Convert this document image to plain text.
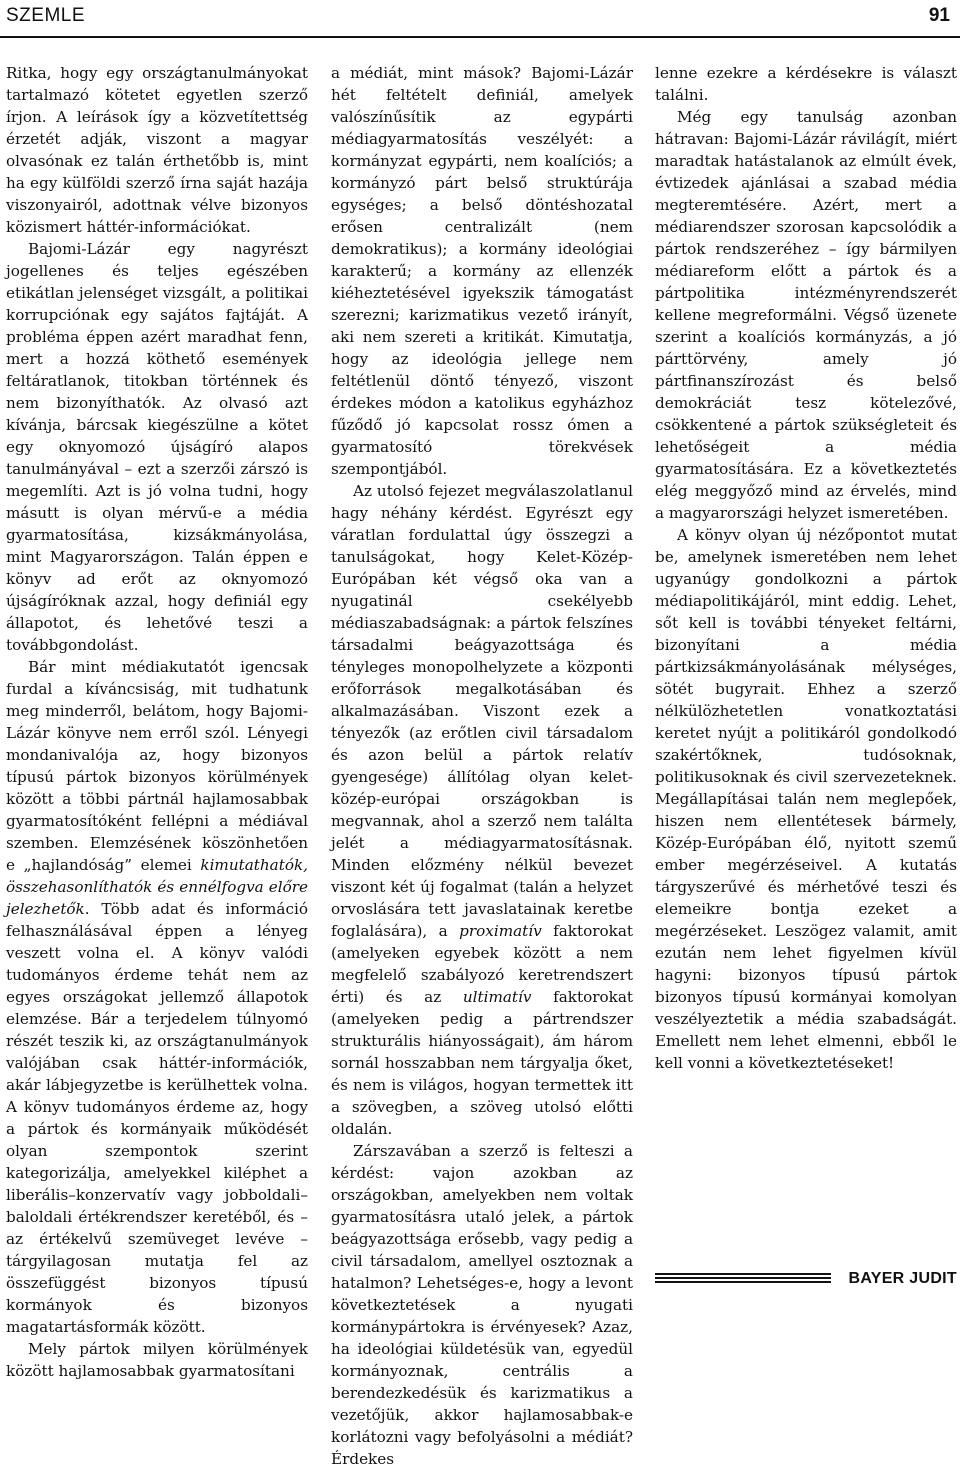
SZEMLE	91

Ritka, hogy egy országtanulmányokat tartalmazó kötetet egyetlen szerző írjon. A leírások így a közvetítettség érzetét adják, viszont a magyar olvasónak ez talán érthetőbb is, mint ha egy külföldi szerző írna saját hazája viszonyairól, adottnak vélve bizonyos közismert háttér-információkat.

Bajomi-Lázár egy nagyrészt jogellenes és teljes egészében etikátlan jelenséget vizsgált, a politikai korrupciónak egy sajátos fajtáját. A probléma éppen azért maradhat fenn, mert a hozzá köthető események feltáratlanok, titokban történnek és nem bizonyíthatók. Az olvasó azt kívánja, bárcsak kiegészülne a kötet egy oknyomozó újságíró alapos tanulmányával – ezt a szerzői zárszó is megemlíti. Azt is jó volna tudni, hogy másutt is olyan mérvű-e a média gyarmatosítása, kizsákmányolása, mint Magyarországon. Talán éppen e könyv ad erőt az oknyomozó újságíróknak azzal, hogy definiál egy állapotot, és lehetővé teszi a továbbgondolást.

Bár mint médiakutatót igencsak furdal a kíváncsiság, mit tudhatunk meg minderről, belátom, hogy Bajomi-Lázár könyve nem erről szól. Lényegi mondanivalója az, hogy bizonyos típusú pártok bizonyos körülmények között a többi pártnál hajlamosabbak gyarmatosítóként fellépni a médiával szemben. Elemzésének köszönhetően e „hajlandóság” elemei kimutathatók, összehasonlíthatók és ennélfogva előre jelezhetők. Több adat és információ felhasználásával éppen a lényeg veszett volna el. A könyv valódi tudományos érdeme tehát nem az egyes országokat jellemző állapotok elemzése. Bár a terjedelem túlnyomó részét teszik ki, az országtanulmányok valójában csak háttér-információk, akár lábjegyzetbe is kerülhettek volna. A könyv tudományos érdeme az, hogy a pártok és kormányaik működését olyan szempontok szerint kategorizálja, amelyekkel kiléphet a liberális–konzervatív vagy jobboldali–baloldali értékrendszer keretéből, és – az értékelvű szemüveget levéve – tárgyilagosan mutatja fel az összefüggést bizonyos típusú kormányok és bizonyos magatartásformák között.

Mely pártok milyen körülmények között hajlamosabbak gyarmatosítani

a médiát, mint mások? Bajomi-Lázár hét feltételt definiál, amelyek valószínűsítik az egypárti médiagyarmatosítás veszélyét: a kormányzat egypárti, nem koalíciós; a kormányzó párt belső struktúrája egységes; a belső döntéshozatal erősen centralizált (nem demokratikus); a kormány ideológiai karakterű; a kormány az ellenzék kiéheztetésével igyekszik támogatást szerezni; karizmatikus vezető irányít, aki nem szereti a kritikát. Kimutatja, hogy az ideológia jellege nem feltétlenül döntő tényező, viszont érdekes módon a katolikus egyházhoz fűződő jó kapcsolat rossz ómen a gyarmatosító törekvések szempontjából.

Az utolsó fejezet megválaszolatlanul hagy néhány kérdést. Egyrészt egy váratlan fordulattal úgy összegzi a tanulságokat, hogy Kelet-Közép-Európában két végső oka van a nyugatinál csekélyebb médiaszabadságnak: a pártok felszínes társadalmi beágyazottsága és tényleges monopolhelyzete a központi erőforrások megalkotásában és alkalmazásában. Viszont ezek a tényezők (az erőtlen civil társadalom és azon belül a pártok relatív gyengesége) állítólag olyan kelet-közép-európai országokban is megvannak, ahol a szerző nem találta jelét a médiagyarmatosításnak. Minden előzmény nélkül bevezet viszont két új fogalmat (talán a helyzet orvoslására tett javaslatainak keretbe foglalására), a proximatív faktorokat (amelyeken egyebek között a nem megfelelő szabályozó keretrendszert érti) és az ultimatív faktorokat (amelyeken pedig a pártrendszer strukturális hiányosságait), ám három sornál hosszabban nem tárgyalja őket, és nem is világos, hogyan termettek itt a szövegben, a szöveg utolsó előtti oldalán.

Zárszavában a szerző is felteszi a kérdést: vajon azokban az országokban, amelyekben nem voltak gyarmatosításra utaló jelek, a pártok beágyazottsága erősebb, vagy pedig a civil társadalom, amellyel osztoznak a hatalmon? Lehetséges-e, hogy a levont következtetések a nyugati kormánypártokra is érvényesek? Azaz, ha ideológiai küldetésük van, egyedül kormányoznak, centrális a berendezkedésük és karizmatikus a vezetőjük, akkor hajlamosabbak-e korlátozni vagy befolyásolni a médiát? Érdekes

lenne ezekre a kérdésekre is választ találni.

Még egy tanulság azonban hátravan: Bajomi-Lázár rávilágít, miért maradtak hatástalanok az elmúlt évek, évtizedek ajánlásai a szabad média megteremtésére. Azért, mert a médiarendszer szorosan kapcsolódik a pártok rendszeréhez – így bármilyen médiareform előtt a pártok és a pártpolitika intézményrendszerét kellene megreformálni. Végső üzenete szerint a koalíciós kormányzás, a jó párttörvény, amely jó pártfinanszírozást és belső demokráciát tesz kötelezővé, csökkentené a pártok szükségleteit és lehetőségeit a média gyarmatosítására. Ez a következtetés elég meggyőző mind az érvelés, mind a magyarországi helyzet ismeretében.

A könyv olyan új nézőpontot mutat be, amelynek ismeretében nem lehet ugyanúgy gondolkozni a pártok médiapolitikájáról, mint eddig. Lehet, sőt kell is további tényeket feltárni, bizonyítani a média pártkizsákmányolásának mélységes, sötét bugyrait. Ehhez a szerző nélkülözhetetlen vonatkoztatási keretet nyújt a politikáról gondolkodó szakértőknek, tudósoknak, politikusoknak és civil szervezeteknek. Megállapításai talán nem meglepőek, hiszen nem ellentétesek bármely, Közép-Európában élő, nyitott szemű ember megérzéseivel. A kutatás tárgyszerűvé és mérhetővé teszi és elemeikre bontja ezeket a megérzéseket. Leszögez valamit, amit ezután nem lehet figyelmen kívül hagyni: bizonyos típusú pártok bizonyos típusú kormányai komolyan veszélyeztetik a média szabadságát. Emellett nem lehet elmenni, ebből le kell vonni a következtetéseket!

BAYER JUDIT
